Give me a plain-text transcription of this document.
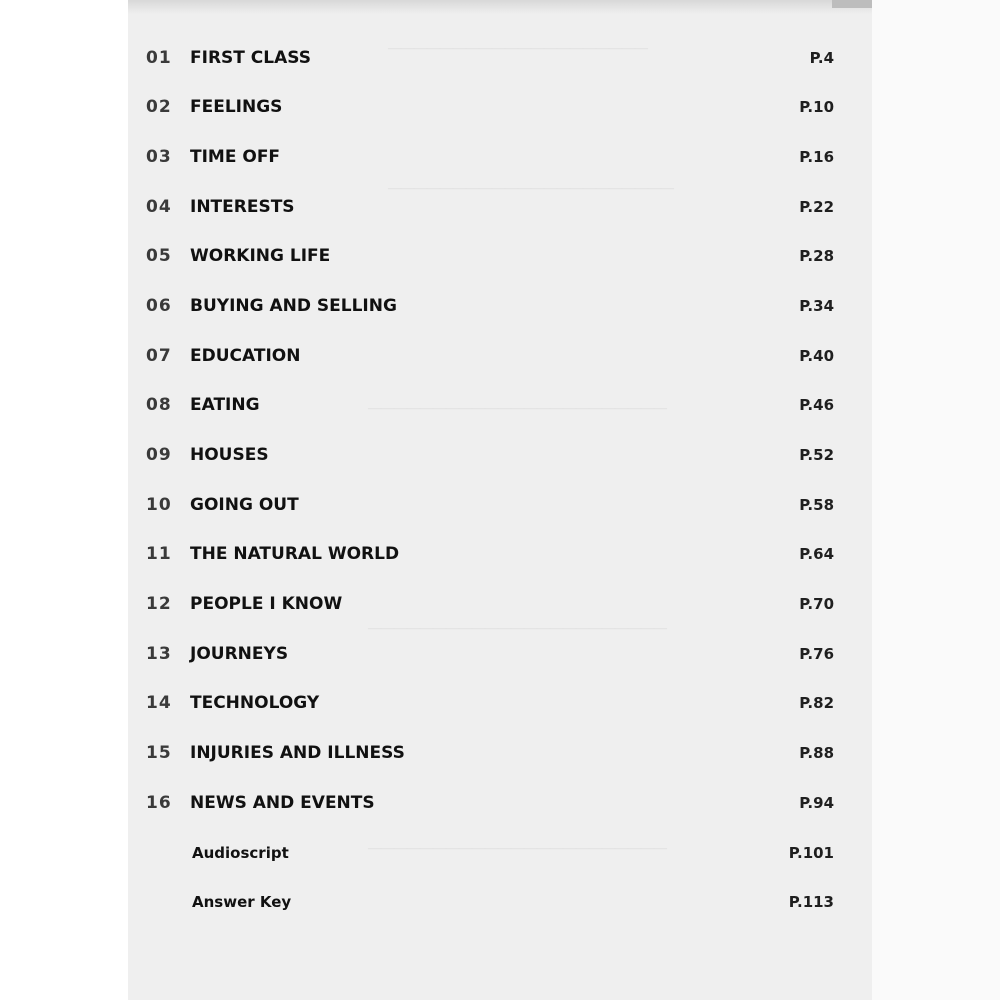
————————————————————
——————————————————————
———————————————————————
———————————————————————
———————————————————————
01 FIRST CLASS	P.4
02 FEELINGS	P.10
03 TIME OFF	P.16
04 INTERESTS	P.22
05 WORKING LIFE	P.28
06 BUYING AND SELLING	P.34
07 EDUCATION	P.40
08 EATING	P.46
09 HOUSES	P.52
10 GOING OUT	P.58
11 THE NATURAL WORLD	P.64
12 PEOPLE I KNOW	P.70
13 JOURNEYS	P.76
14 TECHNOLOGY	P.82
15 INJURIES AND ILLNESS	P.88
16 NEWS AND EVENTS	P.94
Audioscript	P.101
Answer Key	P.113
